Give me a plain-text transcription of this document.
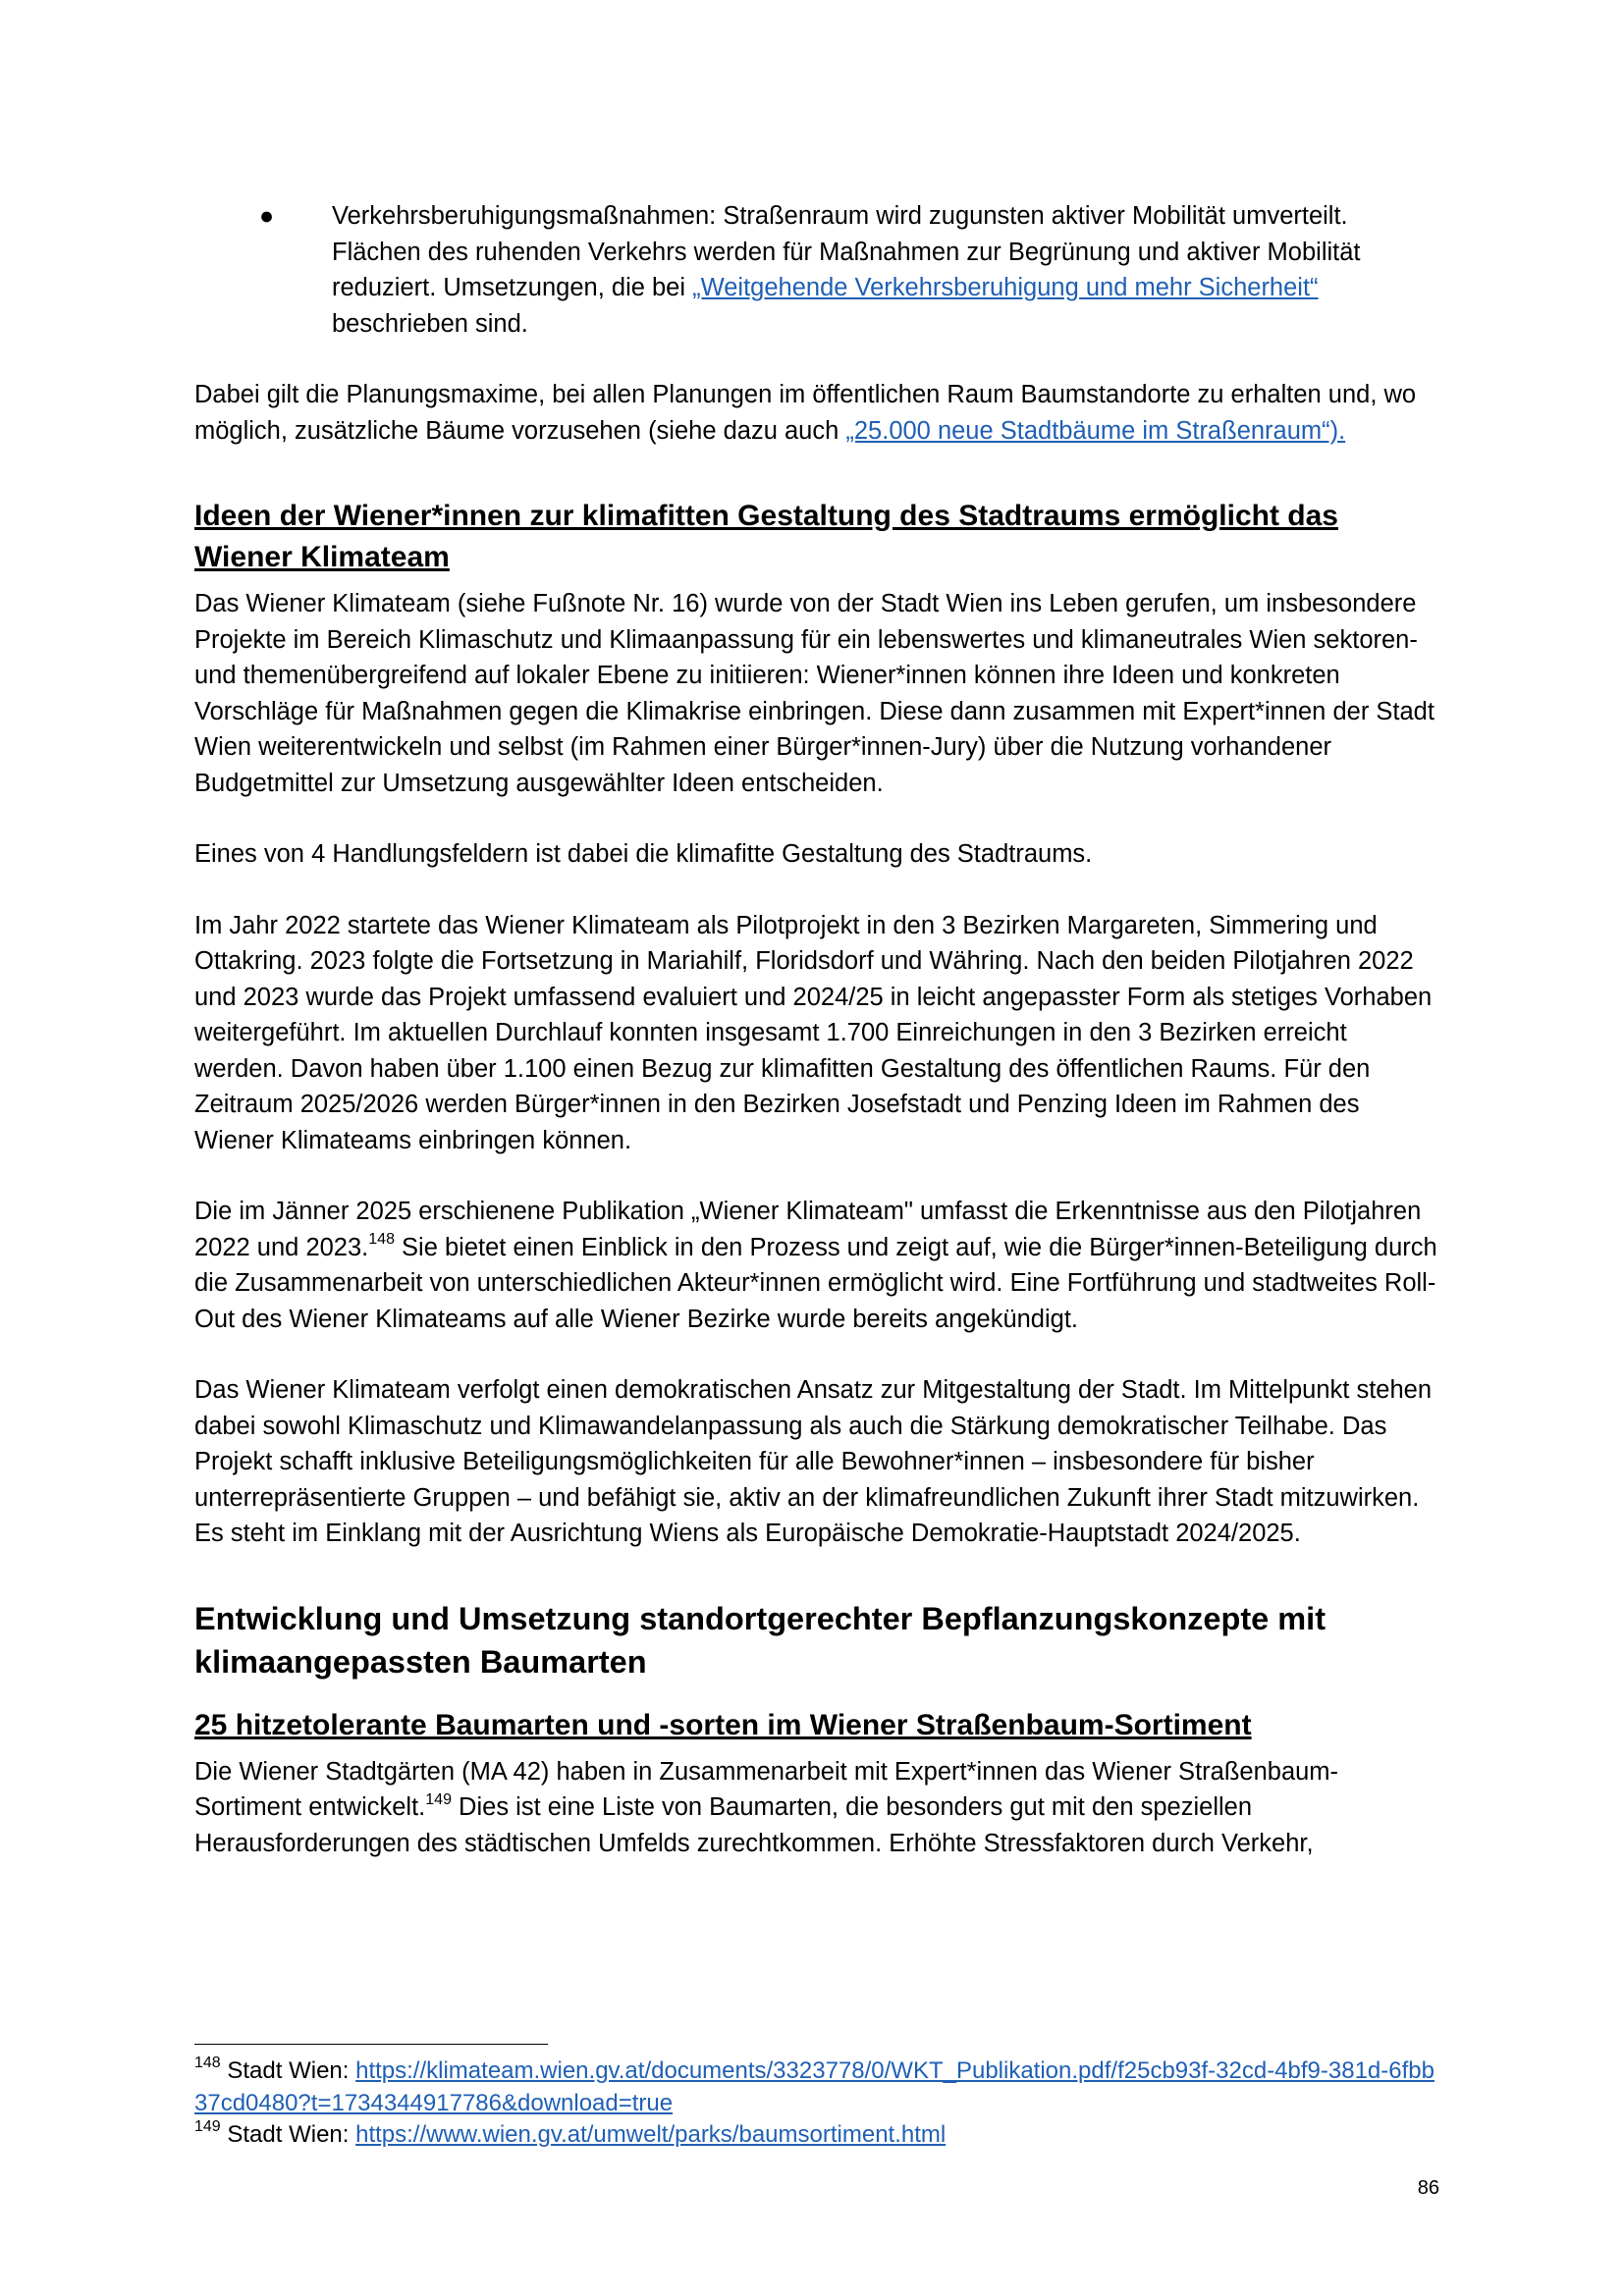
● Verkehrsberuhigungsmaßnahmen: Straßenraum wird zugunsten aktiver Mobilität umverteilt. Flächen des ruhenden Verkehrs werden für Maßnahmen zur Begrünung und aktiver Mobilität reduziert. Umsetzungen, die bei „Weitgehende Verkehrsberuhigung und mehr Sicherheit“ beschrieben sind.

Dabei gilt die Planungsmaxime, bei allen Planungen im öffentlichen Raum Baumstandorte zu erhalten und, wo möglich, zusätzliche Bäume vorzusehen (siehe dazu auch „25.000 neue Stadtbäume im Straßenraum“).

Ideen der Wiener*innen zur klimafitten Gestaltung des Stadtraums ermöglicht das Wiener Klimateam

Das Wiener Klimateam (siehe Fußnote Nr. 16) wurde von der Stadt Wien ins Leben gerufen, um insbesondere Projekte im Bereich Klimaschutz und Klimaanpassung für ein lebenswertes und klimaneutrales Wien sektoren- und themenübergreifend auf lokaler Ebene zu initiieren: Wiener*innen können ihre Ideen und konkreten Vorschläge für Maßnahmen gegen die Klimakrise einbringen. Diese dann zusammen mit Expert*innen der Stadt Wien weiterentwickeln und selbst (im Rahmen einer Bürger*innen-Jury) über die Nutzung vorhandener Budgetmittel zur Umsetzung ausgewählter Ideen entscheiden.

Eines von 4 Handlungsfeldern ist dabei die klimafitte Gestaltung des Stadtraums.

Im Jahr 2022 startete das Wiener Klimateam als Pilotprojekt in den 3 Bezirken Margareten, Simmering und Ottakring. 2023 folgte die Fortsetzung in Mariahilf, Floridsdorf und Währing. Nach den beiden Pilotjahren 2022 und 2023 wurde das Projekt umfassend evaluiert und 2024/25 in leicht angepasster Form als stetiges Vorhaben weitergeführt. Im aktuellen Durchlauf konnten insgesamt 1.700 Einreichungen in den 3 Bezirken erreicht werden. Davon haben über 1.100 einen Bezug zur klimafitten Gestaltung des öffentlichen Raums. Für den Zeitraum 2025/2026 werden Bürger*innen in den Bezirken Josefstadt und Penzing Ideen im Rahmen des Wiener Klimateams einbringen können.

Die im Jänner 2025 erschienene Publikation „Wiener Klimateam" umfasst die Erkenntnisse aus den Pilotjahren 2022 und 2023.$^{148}$ Sie bietet einen Einblick in den Prozess und zeigt auf, wie die Bürger*innen-Beteiligung durch die Zusammenarbeit von unterschiedlichen Akteur*innen ermöglicht wird. Eine Fortführung und stadtweites Roll-Out des Wiener Klimateams auf alle Wiener Bezirke wurde bereits angekündigt.

Das Wiener Klimateam verfolgt einen demokratischen Ansatz zur Mitgestaltung der Stadt. Im Mittelpunkt stehen dabei sowohl Klimaschutz und Klimawandelanpassung als auch die Stärkung demokratischer Teilhabe. Das Projekt schafft inklusive Beteiligungsmöglichkeiten für alle Bewohner*innen – insbesondere für bisher unterrepräsentierte Gruppen – und befähigt sie, aktiv an der klimafreundlichen Zukunft ihrer Stadt mitzuwirken. Es steht im Einklang mit der Ausrichtung Wiens als Europäische Demokratie-Hauptstadt 2024/2025.

Entwicklung und Umsetzung standortgerechter Bepflanzungskonzepte mit klimaangepassten Baumarten
25 hitzetolerante Baumarten und -sorten im Wiener Straßenbaum-Sortiment

Die Wiener Stadtgärten (MA 42) haben in Zusammenarbeit mit Expert*innen das Wiener Straßenbaum-Sortiment entwickelt.$^{149}$ Dies ist eine Liste von Baumarten, die besonders gut mit den speziellen Herausforderungen des städtischen Umfelds zurechtkommen. Erhöhte Stressfaktoren durch Verkehr,

$^{148}$ Stadt Wien: https://klimateam.wien.gv.at/documents/3323778/0/WKT_Publikation.pdf/f25cb93f-32cd-4bf9-381d-6fbb37cd0480?t=1734344917786&download=true

$^{149}$ Stadt Wien: https://www.wien.gv.at/umwelt/parks/baumsortiment.html

86
